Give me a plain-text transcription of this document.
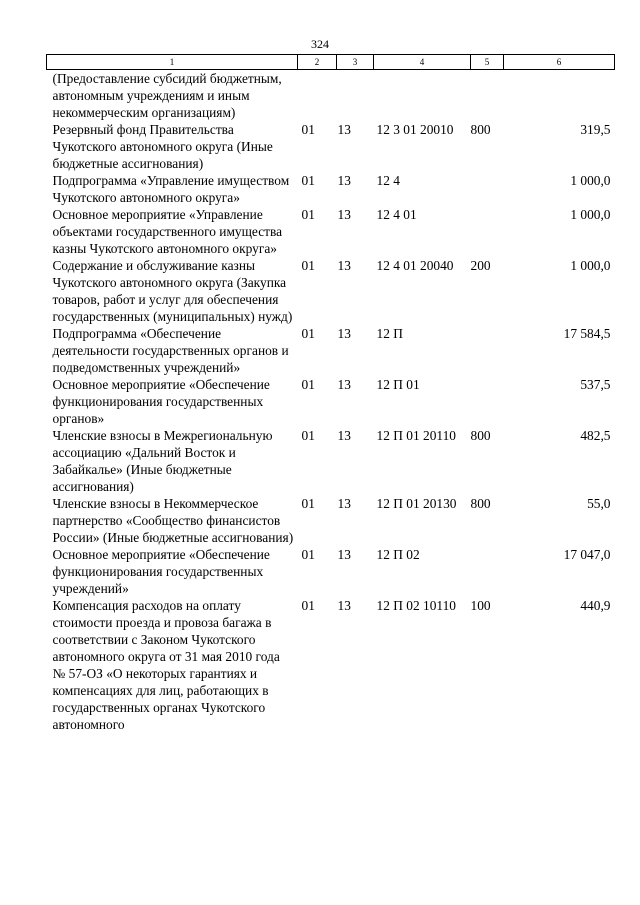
324
1	2	3	4	5	6
(Предоставление субсидий бюджетным, автономным учреждениям и иным некоммерческим организациям)					
Резервный фонд Правительства Чукотского автономного округа (Иные бюджетные ассигнования)	01	13	12 3 01 20010	800	319,5
Подпрограмма «Управление имуществом Чукотского автономного округа»	01	13	12 4		1 000,0
Основное мероприятие «Управление объектами государственного имущества казны Чукотского автономного округа»	01	13	12 4 01		1 000,0
Содержание и обслуживание казны Чукотского автономного округа (Закупка товаров, работ и услуг для обеспечения государственных (муниципальных) нужд)	01	13	12 4 01 20040	200	1 000,0
Подпрограмма «Обеспечение деятельности государственных органов и подведомственных учреждений»	01	13	12 П		17 584,5
Основное мероприятие «Обеспечение функционирования государственных органов»	01	13	12 П 01		537,5
Членские взносы в Межрегиональную ассоциацию «Дальний Восток и Забайкалье» (Иные бюджетные ассигнования)	01	13	12 П 01 20110	800	482,5
Членские взносы в Некоммерческое партнерство «Сообщество финансистов России» (Иные бюджетные ассигнования)	01	13	12 П 01 20130	800	55,0
Основное мероприятие «Обеспечение функционирования государственных учреждений»	01	13	12 П 02		17 047,0
Компенсация расходов на оплату стоимости проезда и провоза багажа в соответствии с Законом Чукотского автономного округа от 31 мая 2010 года № 57-ОЗ «О некоторых гарантиях и компенсациях для лиц, работающих в государственных органах Чукотского автономного	01	13	12 П 02 10110	100	440,9
